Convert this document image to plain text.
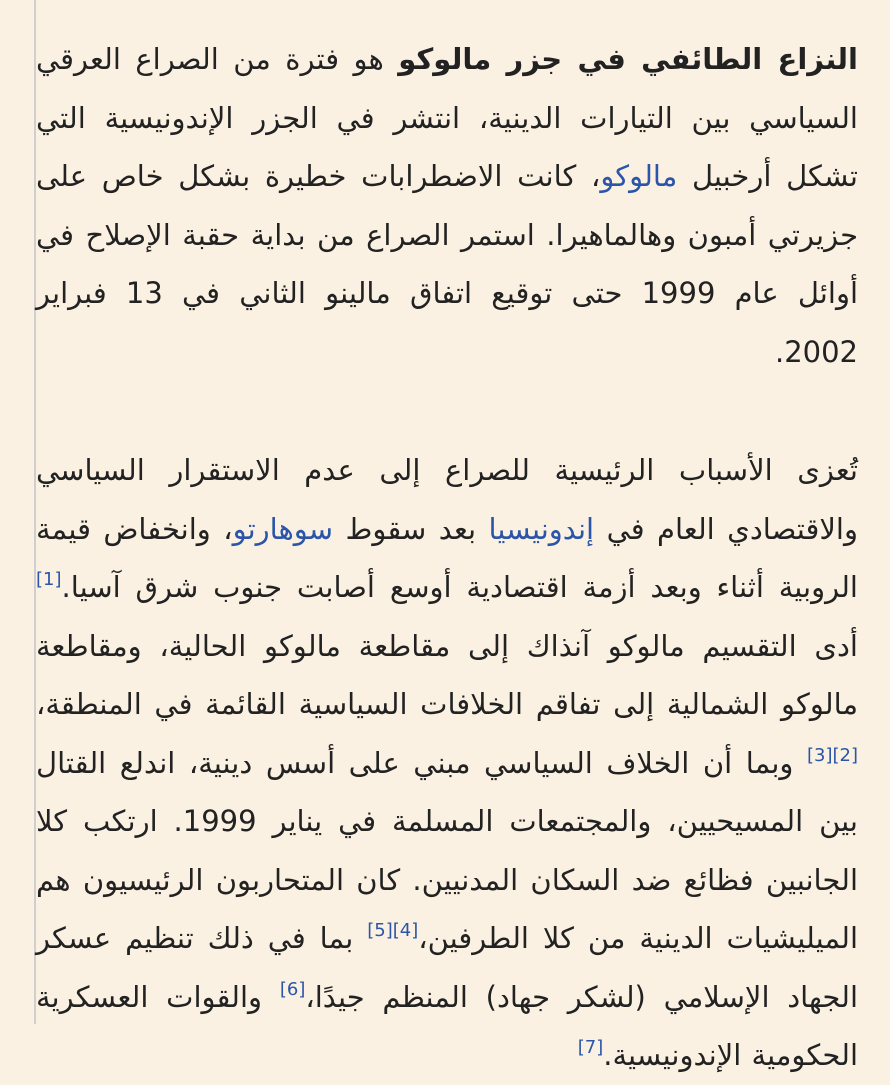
النزاع الطائفي في جزر مالوكو هو فترة من الصراع العرقي السياسي بين التيارات الدينية، انتشر في الجزر الإندونيسية التي تشكل أرخبيل مالوكو، كانت الاضطرابات خطيرة بشكل خاص على جزيرتي أمبون وهالماهيرا. استمر الصراع من بداية حقبة الإصلاح في أوائل عام 1999 حتى توقيع اتفاق مالينو الثاني في 13 فبراير 2002.

تُعزى الأسباب الرئيسية للصراع إلى عدم الاستقرار السياسي والاقتصادي العام في إندونيسيا بعد سقوط سوهارتو، وانخفاض قيمة الروبية أثناء وبعد أزمة اقتصادية أوسع أصابت جنوب شرق آسيا.[1] أدى التقسيم مالوكو آنذاك إلى مقاطعة مالوكو الحالية، ومقاطعة مالوكو الشمالية إلى تفاقم الخلافات السياسية القائمة في المنطقة،[2][3] وبما أن الخلاف السياسي مبني على أسس دينية، اندلع القتال بين المسيحيين، والمجتمعات المسلمة في يناير 1999. ارتكب كلا الجانبين فظائع ضد السكان المدنيين. كان المتحاربون الرئيسيون هم الميليشيات الدينية من كلا الطرفين،[4][5] بما في ذلك تنظيم عسكر الجهاد الإسلامي (لشكر جهاد) المنظم جيدًا،[6] والقوات العسكرية الحكومية الإندونيسية.[7]
